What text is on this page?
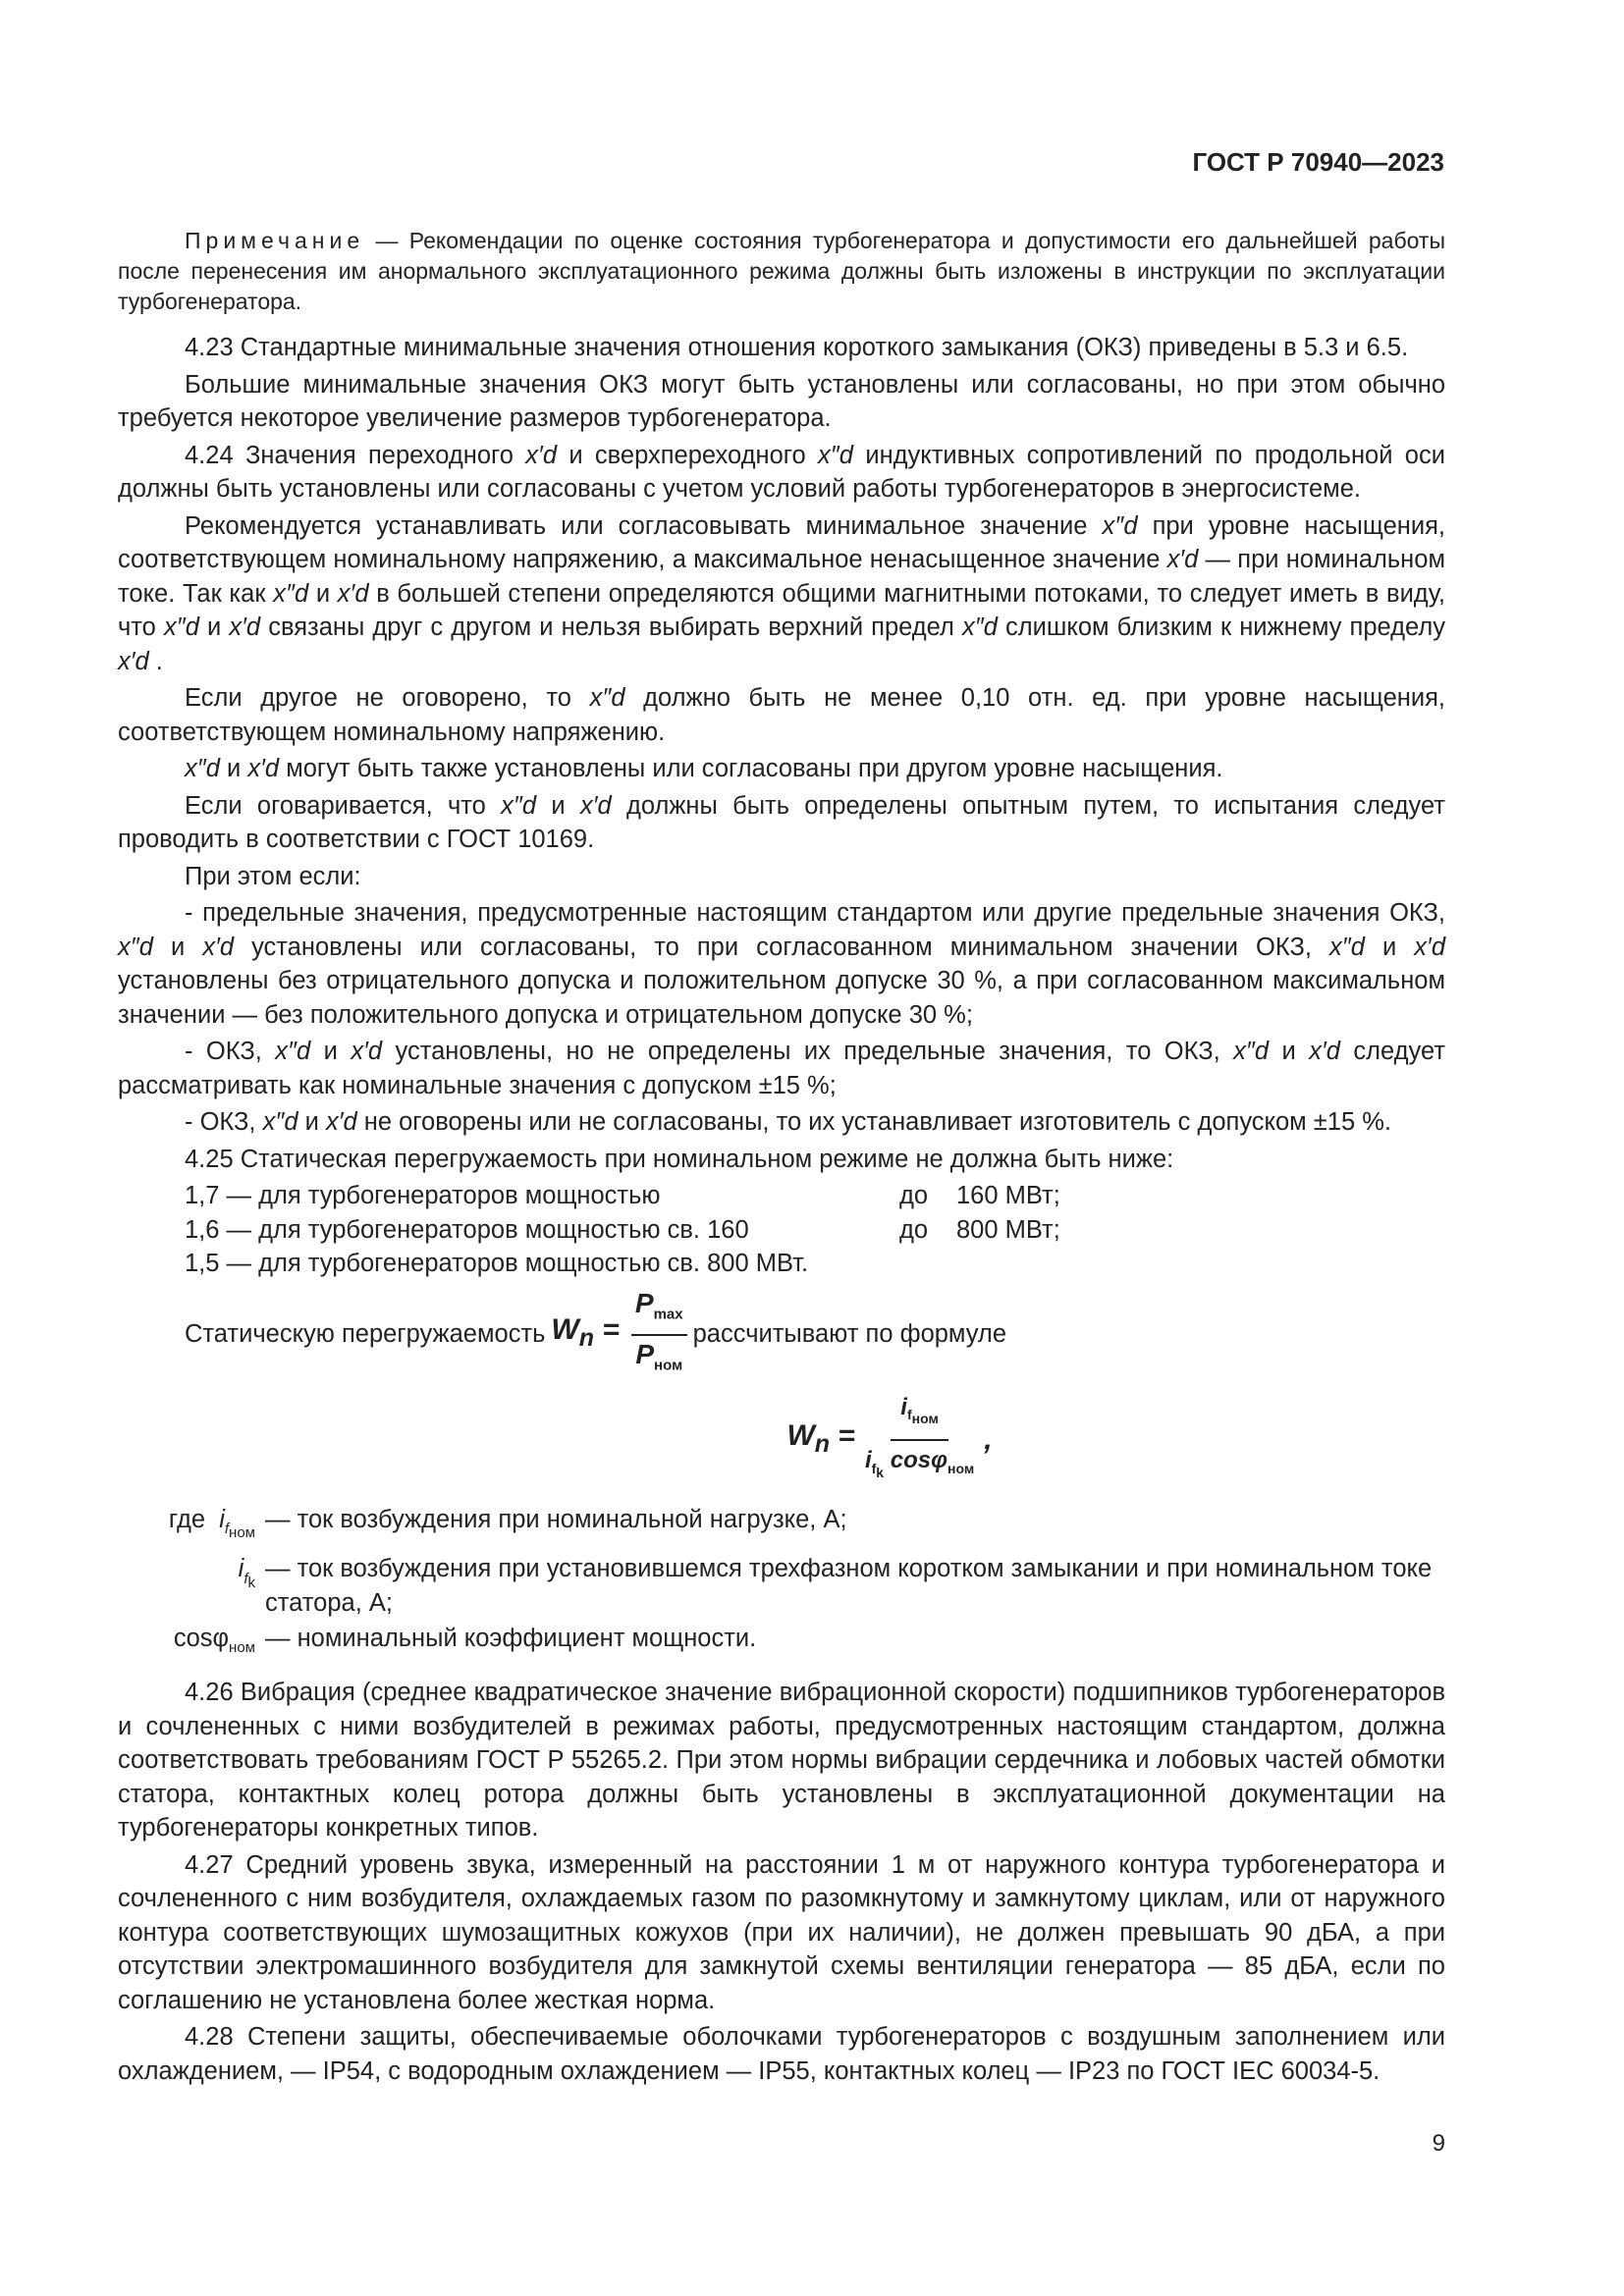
ГОСТ Р 70940—2023

Примечание — Рекомендации по оценке состояния турбогенератора и допустимости его дальнейшей работы после перенесения им анормального эксплуатационного режима должны быть изложены в инструкции по эксплуатации турбогенератора.

4.23 Стандартные минимальные значения отношения короткого замыкания (ОКЗ) приведены в 5.3 и 6.5.

Большие минимальные значения ОКЗ могут быть установлены или согласованы, но при этом обычно требуется некоторое увеличение размеров турбогенератора.

4.24 Значения переходного x′d и сверхпереходного x″d индуктивных сопротивлений по продольной оси должны быть установлены или согласованы с учетом условий работы турбогенераторов в энергосистеме.

Рекомендуется устанавливать или согласовывать минимальное значение x″d при уровне насыщения, соответствующем номинальному напряжению, а максимальное ненасыщенное значение x′d — при номинальном токе. Так как x″d и x′d в большей степени определяются общими магнитными потоками, то следует иметь в виду, что x″d и x′d связаны друг с другом и нельзя выбирать верхний предел x″d слишком близким к нижнему пределу x′d .

Если другое не оговорено, то x″d должно быть не менее 0,10 отн. ед. при уровне насыщения, соответствующем номинальному напряжению.

x″d и x′d могут быть также установлены или согласованы при другом уровне насыщения.

Если оговаривается, что x″d и x′d должны быть определены опытным путем, то испытания следует проводить в соответствии с ГОСТ 10169.

При этом если:

- предельные значения, предусмотренные настоящим стандартом или другие предельные значения ОКЗ, x″d и x′d установлены или согласованы, то при согласованном минимальном значении ОКЗ, x″d и x′d установлены без отрицательного допуска и положительном допуске 30 %, а при согласованном максимальном значении — без положительного допуска и отрицательном допуске 30 %;

- ОКЗ, x″d и x′d установлены, но не определены их предельные значения, то ОКЗ, x″d и x′d следует рассматривать как номинальные значения с допуском ±15 %;

- ОКЗ, x″d и x′d не оговорены или не согласованы, то их устанавливает изготовитель с допуском ±15 %.

4.25 Статическая перегружаемость при номинальном режиме не должна быть ниже:

1,7 — для турбогенераторов мощностью	до	160 МВт;
1,6 — для турбогенераторов мощностью св. 160	до	800 МВт;
1,5 — для турбогенераторов мощностью св. 800 МВт.
Статическую перегружаемость $W_n = \frac{P_{max}}{P_{ном}}$ рассчитывают по формуле
$W_n = \frac{i_{f_{ном}}}{i_{f_k} \cos\varphi_{ном}}$ ,
где $i_{f_{ном}}$ — ток возбуждения при номинальной нагрузке, А;
$i_{f_k}$ — ток возбуждения при установившемся трехфазном коротком замыкании и при номинальном токе статора, А;
cosφ$_{ном}$ — номинальный коэффициент мощности.

4.26 Вибрация (среднее квадратическое значение вибрационной скорости) подшипников турбогенераторов и сочлененных с ними возбудителей в режимах работы, предусмотренных настоящим стандартом, должна соответствовать требованиям ГОСТ Р 55265.2. При этом нормы вибрации сердечника и лобовых частей обмотки статора, контактных колец ротора должны быть установлены в эксплуатационной документации на турбогенераторы конкретных типов.

4.27 Средний уровень звука, измеренный на расстоянии 1 м от наружного контура турбогенератора и сочлененного с ним возбудителя, охлаждаемых газом по разомкнутому и замкнутому циклам, или от наружного контура соответствующих шумозащитных кожухов (при их наличии), не должен превышать 90 дБА, а при отсутствии электромашинного возбудителя для замкнутой схемы вентиляции генератора — 85 дБА, если по соглашению не установлена более жесткая норма.

4.28 Степени защиты, обеспечиваемые оболочками турбогенераторов с воздушным заполнением или охлаждением, — IP54, с водородным охлаждением — IP55, контактных колец — IP23 по ГОСТ IEC 60034-5.

9
